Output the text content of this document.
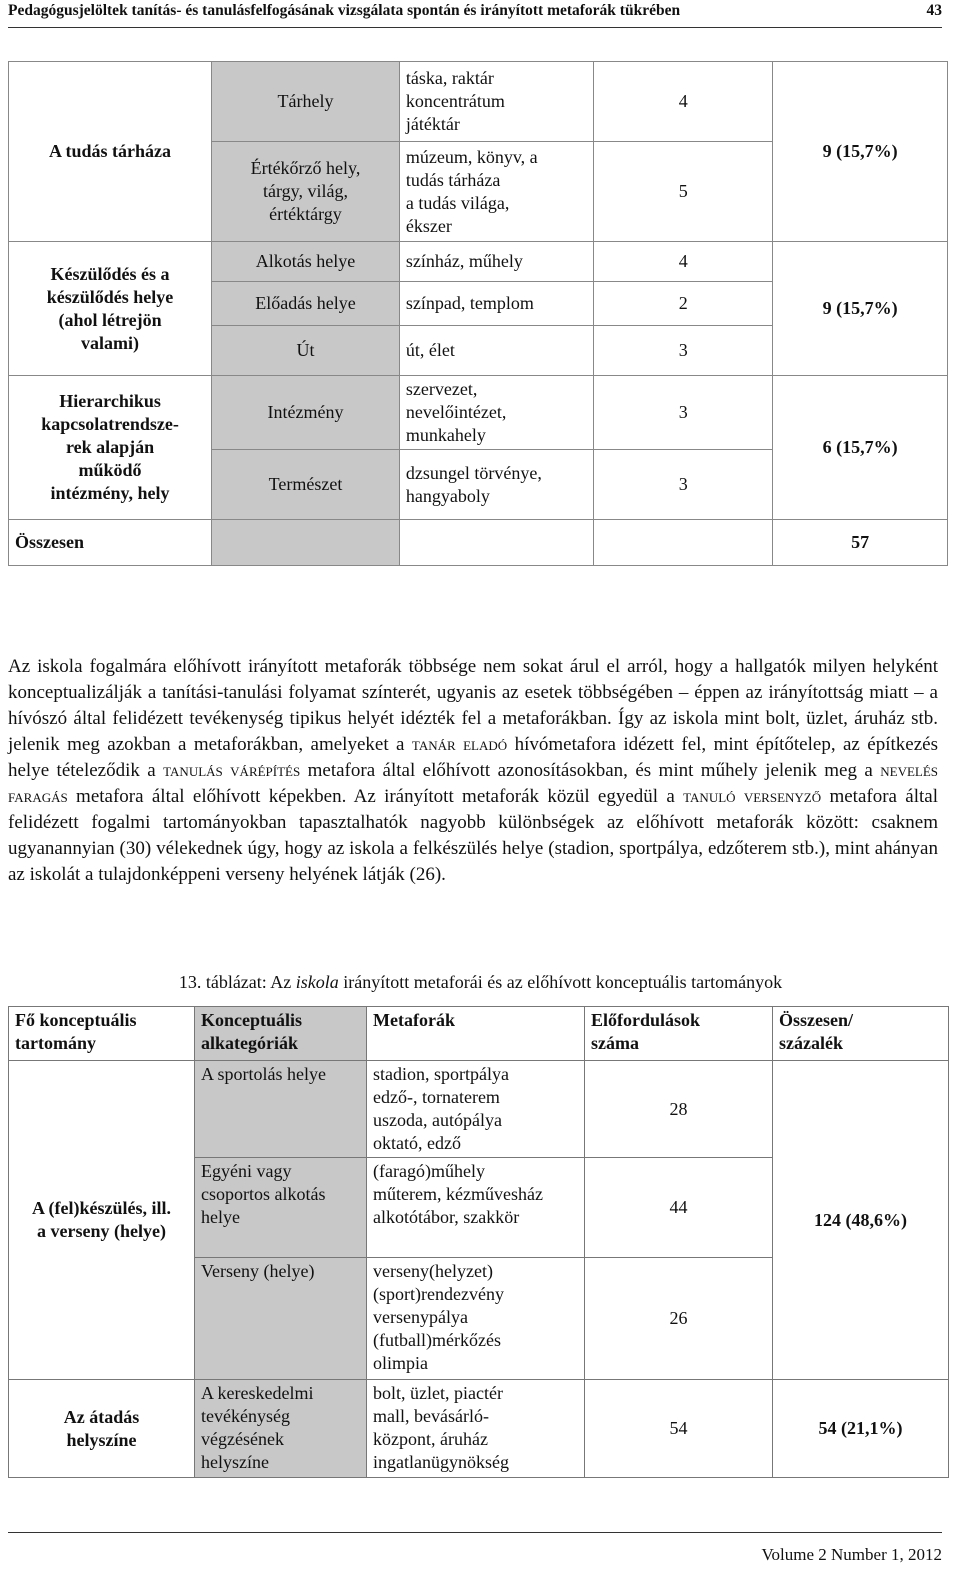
Pedagógusjelöltek tanítás- és tanulásfelfogásának vizsgálata spontán és irányított metaforák tükrében	43
A tudás tárháza	Tárhely	táska, raktár
koncentrátum
játéktár	4	9 (15,7%)
	Értékőrző hely,
tárgy, világ,
értéktárgy	múzeum, könyv, a
tudás tárháza
a tudás világa,
ékszer	5	
Készülődés és a
készülődés helye
(ahol létrejön
valami)	Alkotás helye	színház, műhely	4	9 (15,7%)
	Előadás helye	színpad, templom	2	
	Út	út, élet	3	
Hierarchikus
kapcsolatrendsze-
rek alapján
működő
intézmény, hely	Intézmény	szervezet,
nevelőintézet,
munkahely	3	6 (15,7%)
	Természet	dzsungel törvénye,
hangyaboly	3	
Összesen				57

Az iskola fogalmára előhívott irányított metaforák többsége nem sokat árul el arról, hogy a hallgatók milyen helyként konceptualizálják a tanítási-tanulási folyamat színterét, ugyanis az esetek többségében – éppen az irányítottság miatt – a hívószó által felidézett tevékenység tipikus helyét idézték fel a metaforákban. Így az iskola mint bolt, üzlet, áruház stb. jelenik meg azokban a metaforákban, amelyeket a tanár eladó hívómetafora idézett fel, mint építőtelep, az építkezés helye tételeződik a tanulás várépítés metafora által előhívott azonosításokban, és mint műhely jelenik meg a nevelés faragás metafora által előhívott képekben. Az irányított metaforák közül egyedül a tanuló versenyző metafora által felidézett fogalmi tartományokban tapasztalhatók nagyobb különbségek az előhívott metaforák között: csaknem ugyanannyian (30) vélekednek úgy, hogy az iskola a felkészülés helye (stadion, sportpálya, edzőterem stb.), mint ahányan az iskolát a tulajdonképpeni verseny helyének látják (26).

13. táblázat: Az iskola irányított metaforái és az előhívott konceptuális tartományok
Fő konceptuális
tartomány	Konceptuális
alkategóriák	Metaforák	Előfordulások
száma	Összesen/
százalék
A (fel)készülés, ill.
a verseny (helye)	A sportolás helye	stadion, sportpálya
edző-, tornaterem
uszoda, autópálya
oktató, edző	28	124 (48,6%)
	Egyéni vagy
csoportos alkotás
helye	(faragó)műhely
műterem, kézművesház
alkotótábor, szakkör	44	
	Verseny (helye)	verseny(helyzet)
(sport)rendezvény
versenypálya
(futball)mérkőzés
olimpia	26	
Az átadás
helyszíne	A kereskedelmi
tevékénység
végzésének
helyszíne	bolt, üzlet, piactér
mall, bevásárló-
központ, áruház
ingatlanügynökség	54	54 (21,1%)
Volume 2 Number 1, 2012
